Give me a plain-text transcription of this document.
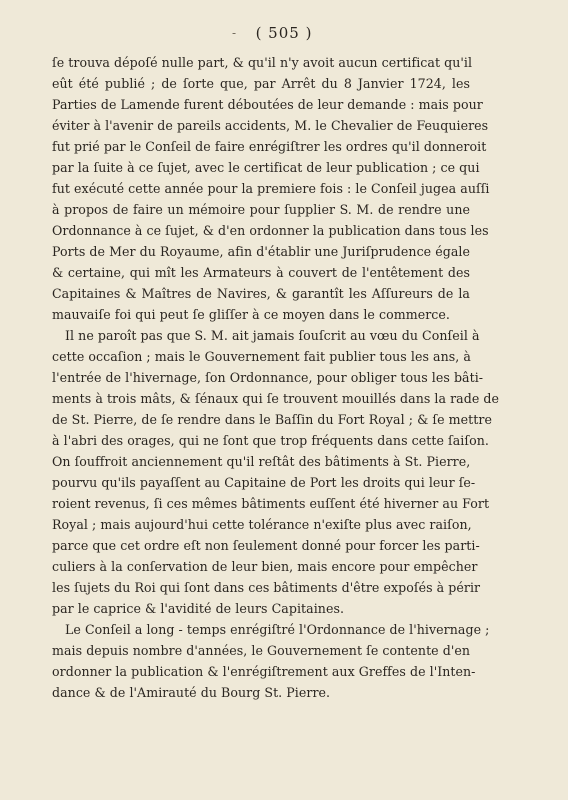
-	( 505 )
ſe trouva dépoſé nulle part, & qu'il n'y avoit aucun certificat qu'il
eût été publié ; de ſorte que, par Arrêt du 8 Janvier 1724, les
Parties de Lamende furent déboutées de leur demande : mais pour
éviter à l'avenir de pareils accidents, M. le Chevalier de Feuquieres
fut prié par le Conſeil de faire enrégiſtrer les ordres qu'il donneroit
par la ſuite à ce ſujet, avec le certificat de leur publication ; ce qui
fut exécuté cette année pour la premiere fois : le Conſeil jugea auſſi
à propos de faire un mémoire pour ſupplier S. M. de rendre une
Ordonnance à ce ſujet, & d'en ordonner la publication dans tous les
Ports de Mer du Royaume, afin d'établir une Juriſprudence égale
& certaine, qui mît les Armateurs à couvert de l'entêtement des
Capitaines & Maîtres de Navires, & garantît les Aſſureurs de la
mauvaiſe foi qui peut ſe gliſſer à ce moyen dans le commerce.
Il ne paroît pas que S. M. ait jamais ſouſcrit au vœu du Conſeil à
cette occaſion ; mais le Gouvernement fait publier tous les ans, à
l'entrée de l'hivernage, ſon Ordonnance, pour obliger tous les bâti-
ments à trois mâts, & ſénaux qui ſe trouvent mouillés dans la rade de
de St. Pierre, de ſe rendre dans le Baſſin du Fort Royal ; & ſe mettre
à l'abri des orages, qui ne ſont que trop fréquents dans cette ſaiſon.
On ſouffroit anciennement qu'il reſtât des bâtiments à St. Pierre,
pourvu qu'ils payaſſent au Capitaine de Port les droits qui leur ſe-
roient revenus, ſi ces mêmes bâtiments euſſent été hiverner au Fort
Royal ; mais aujourd'hui cette tolérance n'exiſte plus avec raiſon,
parce que cet ordre eſt non ſeulement donné pour forcer les parti-
culiers à la conſervation de leur bien, mais encore pour empêcher
les ſujets du Roi qui ſont dans ces bâtiments d'être expoſés à périr
par le caprice & l'avidité de leurs Capitaines.
Le Conſeil a long - temps enrégiſtré l'Ordonnance de l'hivernage ;
mais depuis nombre d'années, le Gouvernement ſe contente d'en
ordonner la publication & l'enrégiſtrement aux Greffes de l'Inten-
dance & de l'Amirauté du Bourg St. Pierre.
